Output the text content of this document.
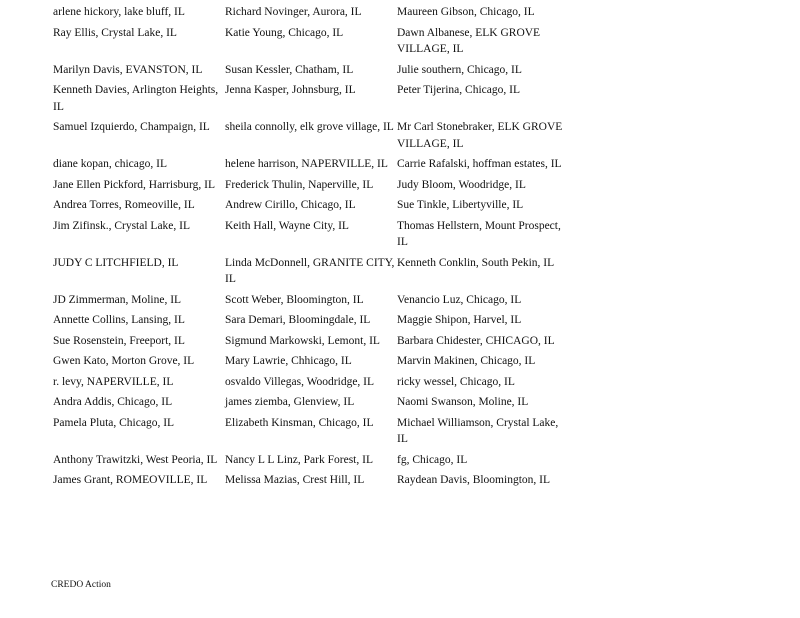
arlene hickory, lake bluff, IL	Richard Novinger, Aurora, IL	Maureen Gibson, Chicago, IL
Ray Ellis, Crystal Lake, IL	Katie Young, Chicago, IL	Dawn Albanese, ELK GROVE VILLAGE, IL
Marilyn Davis, EVANSTON, IL	Susan Kessler, Chatham, IL	Julie southern, Chicago, IL
Kenneth Davies, Arlington Heights, IL	Jenna Kasper, Johnsburg, IL	Peter Tijerina, Chicago, IL
Samuel Izquierdo, Champaign, IL	sheila connolly, elk grove village, IL	Mr Carl Stonebraker, ELK GROVE VILLAGE, IL
diane kopan, chicago, IL	helene harrison, NAPERVILLE, IL	Carrie Rafalski, hoffman estates, IL
Jane Ellen Pickford, Harrisburg, IL	Frederick Thulin, Naperville, IL	Judy Bloom, Woodridge, IL
Andrea Torres, Romeoville, IL	Andrew Cirillo, Chicago, IL	Sue Tinkle, Libertyville, IL
Jim Zifinsk., Crystal Lake, IL	Keith Hall, Wayne City, IL	Thomas Hellstern, Mount Prospect, IL
JUDY C LITCHFIELD, IL	Linda McDonnell, GRANITE CITY, IL	Kenneth Conklin, South Pekin, IL
JD Zimmerman, Moline, IL	Scott Weber, Bloomington, IL	Venancio Luz, Chicago, IL
Annette Collins, Lansing, IL	Sara Demari, Bloomingdale, IL	Maggie Shipon, Harvel, IL
Sue Rosenstein, Freeport, IL	Sigmund Markowski, Lemont, IL	Barbara Chidester, CHICAGO, IL
Gwen Kato, Morton Grove, IL	Mary Lawrie, Chhicago, IL	Marvin Makinen, Chicago, IL
r. levy, NAPERVILLE, IL	osvaldo Villegas, Woodridge, IL	ricky wessel, Chicago, IL
Andra Addis, Chicago, IL	james ziemba, Glenview, IL	Naomi Swanson, Moline, IL
Pamela Pluta, Chicago, IL	Elizabeth Kinsman, Chicago, IL	Michael Williamson, Crystal Lake, IL
Anthony Trawitzki, West Peoria, IL	Nancy L L Linz, Park Forest, IL	fg, Chicago, IL
James Grant, ROMEOVILLE, IL	Melissa Mazias, Crest Hill, IL	Raydean Davis, Bloomington, IL
CREDO Action
